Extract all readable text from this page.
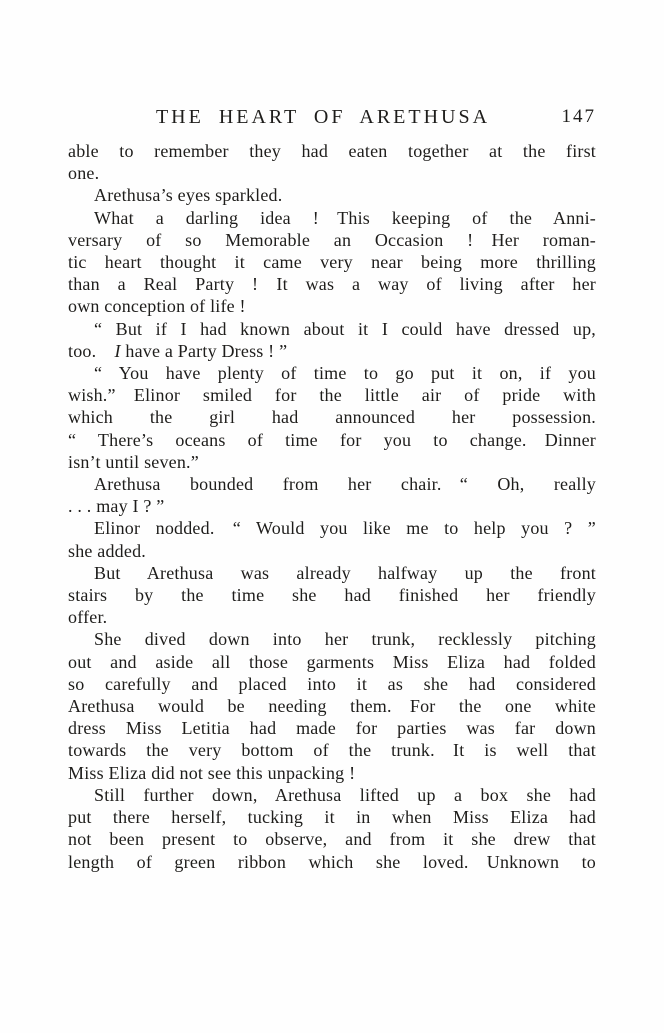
THE HEART OF ARETHUSA	147
able to remember they had eaten together at the first
one.
Arethusa’s eyes sparkled.
What a darling idea ! This keeping of the Anni-
versary of so Memorable an Occasion ! Her roman-
tic heart thought it came very near being more thrilling
than a Real Party ! It was a way of living after her
own conception of life !
“ But if I had known about it I could have dressed up,
too. I have a Party Dress ! ”
“ You have plenty of time to go put it on, if you
wish.” Elinor smiled for the little air of pride with
which the girl had announced her possession.
“ There’s oceans of time for you to change. Dinner
isn’t until seven.”
Arethusa bounded from her chair. “ Oh, really
. . . may I ? ”
Elinor nodded. “ Would you like me to help you ? ”
she added.
But Arethusa was already halfway up the front
stairs by the time she had finished her friendly
offer.
She dived down into her trunk, recklessly pitching
out and aside all those garments Miss Eliza had folded
so carefully and placed into it as she had considered
Arethusa would be needing them. For the one white
dress Miss Letitia had made for parties was far down
towards the very bottom of the trunk. It is well that
Miss Eliza did not see this unpacking !
Still further down, Arethusa lifted up a box she had
put there herself, tucking it in when Miss Eliza had
not been present to observe, and from it she drew that
length of green ribbon which she loved. Unknown to
